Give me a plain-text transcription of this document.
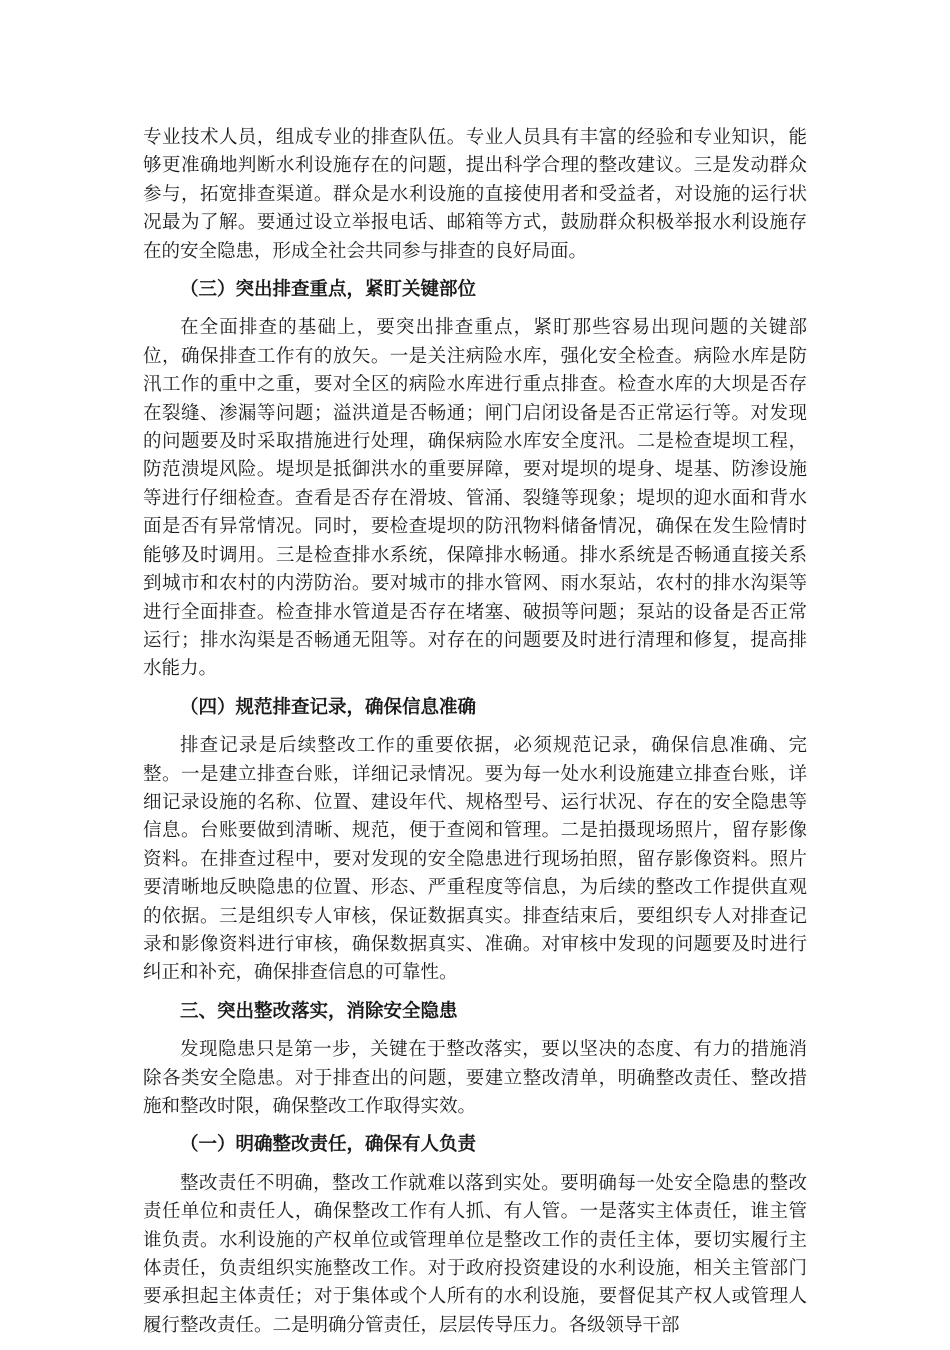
专业技术人员，组成专业的排查队伍。专业人员具有丰富的经验和专业知识，能够更准确地判断水利设施存在的问题，提出科学合理的整改建议。三是发动群众参与，拓宽排查渠道。群众是水利设施的直接使用者和受益者，对设施的运行状况最为了解。要通过设立举报电话、邮箱等方式，鼓励群众积极举报水利设施存在的安全隐患，形成全社会共同参与排查的良好局面。

（三）突出排查重点，紧盯关键部位

在全面排查的基础上，要突出排查重点，紧盯那些容易出现问题的关键部位，确保排查工作有的放矢。一是关注病险水库，强化安全检查。病险水库是防汛工作的重中之重，要对全区的病险水库进行重点排查。检查水库的大坝是否存在裂缝、渗漏等问题；溢洪道是否畅通；闸门启闭设备是否正常运行等。对发现的问题要及时采取措施进行处理，确保病险水库安全度汛。二是检查堤坝工程，防范溃堤风险。堤坝是抵御洪水的重要屏障，要对堤坝的堤身、堤基、防渗设施等进行仔细检查。查看是否存在滑坡、管涌、裂缝等现象；堤坝的迎水面和背水面是否有异常情况。同时，要检查堤坝的防汛物料储备情况，确保在发生险情时能够及时调用。三是检查排水系统，保障排水畅通。排水系统是否畅通直接关系到城市和农村的内涝防治。要对城市的排水管网、雨水泵站，农村的排水沟渠等进行全面排查。检查排水管道是否存在堵塞、破损等问题；泵站的设备是否正常运行；排水沟渠是否畅通无阻等。对存在的问题要及时进行清理和修复，提高排水能力。

（四）规范排查记录，确保信息准确

排查记录是后续整改工作的重要依据，必须规范记录，确保信息准确、完整。一是建立排查台账，详细记录情况。要为每一处水利设施建立排查台账，详细记录设施的名称、位置、建设年代、规格型号、运行状况、存在的安全隐患等信息。台账要做到清晰、规范，便于查阅和管理。二是拍摄现场照片，留存影像资料。在排查过程中，要对发现的安全隐患进行现场拍照，留存影像资料。照片要清晰地反映隐患的位置、形态、严重程度等信息，为后续的整改工作提供直观的依据。三是组织专人审核，保证数据真实。排查结束后，要组织专人对排查记录和影像资料进行审核，确保数据真实、准确。对审核中发现的问题要及时进行纠正和补充，确保排查信息的可靠性。

三、突出整改落实，消除安全隐患

发现隐患只是第一步，关键在于整改落实，要以坚决的态度、有力的措施消除各类安全隐患。对于排查出的问题，要建立整改清单，明确整改责任、整改措施和整改时限，确保整改工作取得实效。

（一）明确整改责任，确保有人负责

整改责任不明确，整改工作就难以落到实处。要明确每一处安全隐患的整改责任单位和责任人，确保整改工作有人抓、有人管。一是落实主体责任，谁主管谁负责。水利设施的产权单位或管理单位是整改工作的责任主体，要切实履行主体责任，负责组织实施整改工作。对于政府投资建设的水利设施，相关主管部门要承担起主体责任；对于集体或个人所有的水利设施，要督促其产权人或管理人履行整改责任。二是明确分管责任，层层传导压力。各级领导干部
